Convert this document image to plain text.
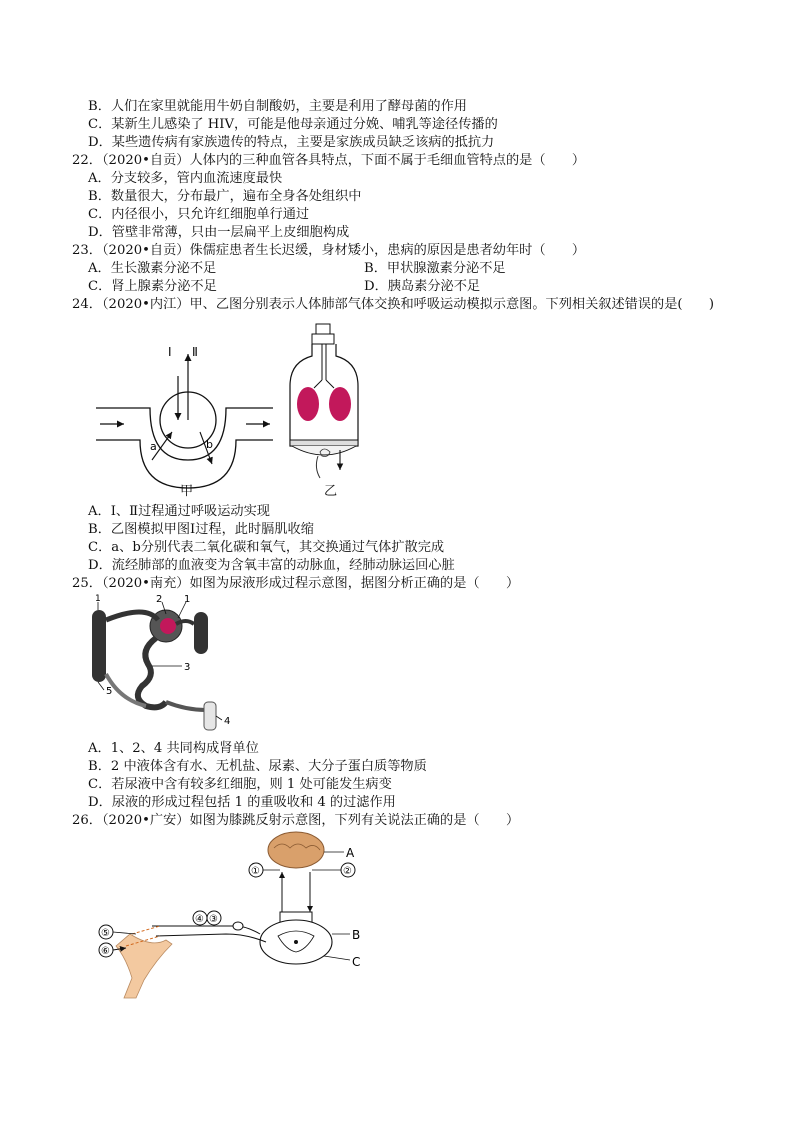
B．人们在家里就能用牛奶自制酸奶，主要是利用了酵母菌的作用
C．某新生儿感染了 HIV，可能是他母亲通过分娩、哺乳等途径传播的
D．某些遗传病有家族遗传的特点，主要是家族成员缺乏该病的抵抗力
22．（2020•自贡）人体内的三种血管各具特点，下面不属于毛细血管特点的是（　　）
A．分支较多，管内血流速度最快
B．数量很大，分布最广，遍布全身各处组织中
C．内径很小，只允许红细胞单行通过
D．管壁非常薄，只由一层扁平上皮细胞构成
23．（2020•自贡）侏儒症患者生长迟缓，身材矮小，患病的原因是患者幼年时（　　）
A．生长激素分泌不足	B．甲状腺激素分泌不足
C．肾上腺素分泌不足	D．胰岛素分泌不足
24．（2020•内江）甲、乙图分别表示人体肺部气体交换和呼吸运动模拟示意图。下列相关叙述错误的是(　　)
Ⅰ Ⅱ
a	b
甲	乙
A．Ⅰ、Ⅱ过程通过呼吸运动实现
B．乙图模拟甲图Ⅰ过程，此时膈肌收缩
C．a、b分别代表二氧化碳和氧气，其交换通过气体扩散完成
D．流经肺部的血液变为含氧丰富的动脉血，经肺动脉运回心脏
25．（2020•南充）如图为尿液形成过程示意图，据图分析正确的是（　　）
1	2 1
3
4
5
A．1、2、4 共同构成肾单位
B．2 中液体含有水、无机盐、尿素、大分子蛋白质等物质
C．若尿液中含有较多红细胞，则 1 处可能发生病变
D．尿液的形成过程包括 1 的重吸收和 4 的过滤作用
26．（2020•广安）如图为膝跳反射示意图，下列有关说法正确的是（　　）
A
①	②
B
C
④ ③
⑤
⑥
